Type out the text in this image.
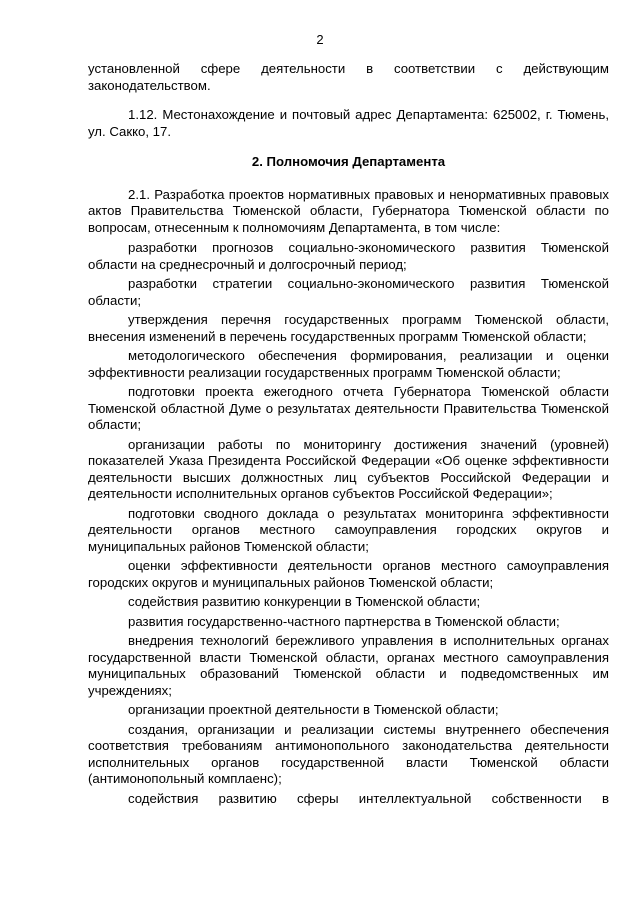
2

установленной сфере деятельности в соответствии с действующим законодательством.

1.12. Местонахождение и почтовый адрес Департамента: 625002, г. Тюмень, ул. Сакко, 17.

2. Полномочия Департамента

2.1. Разработка проектов нормативных правовых и ненормативных правовых актов Правительства Тюменской области, Губернатора Тюменской области по вопросам, отнесенным к полномочиям Департамента, в том числе:

разработки прогнозов социально-экономического развития Тюменской области на среднесрочный и долгосрочный период;

разработки стратегии социально-экономического развития Тюменской области;

утверждения перечня государственных программ Тюменской области, внесения изменений в перечень государственных программ Тюменской области;

методологического обеспечения формирования, реализации и оценки эффективности реализации государственных программ Тюменской области;

подготовки проекта ежегодного отчета Губернатора Тюменской области Тюменской областной Думе о результатах деятельности Правительства Тюменской области;

организации работы по мониторингу достижения значений (уровней) показателей Указа Президента Российской Федерации «Об оценке эффективности деятельности высших должностных лиц субъектов Российской Федерации и деятельности исполнительных органов субъектов Российской Федерации»;

подготовки сводного доклада о результатах мониторинга эффективности деятельности органов местного самоуправления городских округов и муниципальных районов Тюменской области;

оценки эффективности деятельности органов местного самоуправления городских округов и муниципальных районов Тюменской области;

содействия развитию конкуренции в Тюменской области;

развития государственно-частного партнерства в Тюменской области;

внедрения технологий бережливого управления в исполнительных органах государственной власти Тюменской области, органах местного самоуправления муниципальных образований Тюменской области и подведомственных им учреждениях;

организации проектной деятельности в Тюменской области;

создания, организации и реализации системы внутреннего обеспечения соответствия требованиям антимонопольного законодательства деятельности исполнительных органов государственной власти Тюменской области (антимонопольный комплаенс);

содействия развитию сферы интеллектуальной собственности в
